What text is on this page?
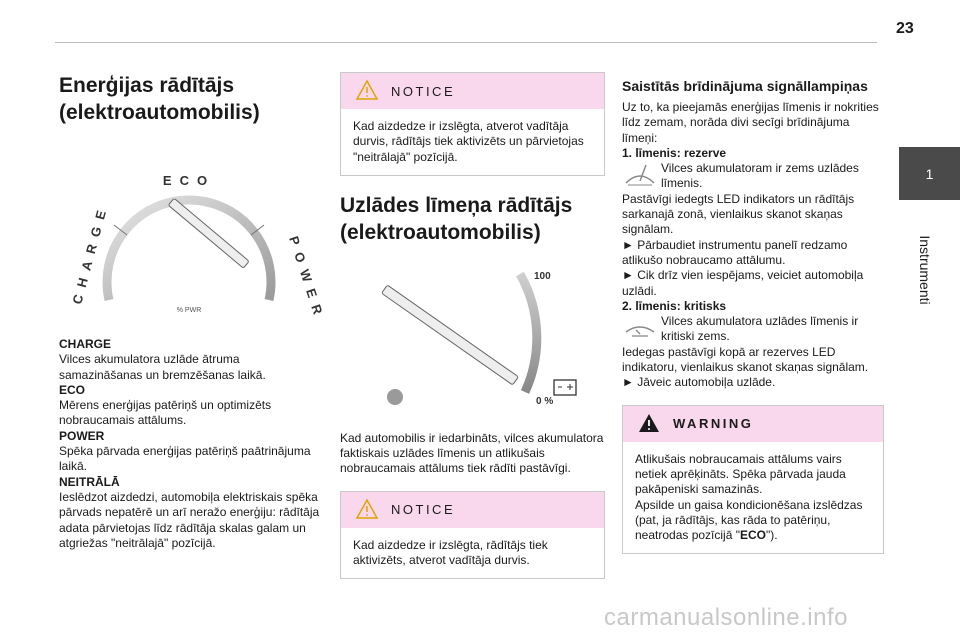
23
1
Instrumenti
Enerģijas rādītājs (elektroautomobilis)
ECO
CHARGE	POWER
% PWR
CHARGE
Vilces akumulatora uzlāde ātruma samazināšanas un bremzēšanas laikā.
ECO
Mērens enerģijas patēriņš un optimizēts nobraucamais attālums.
POWER
Spēka pārvada enerģijas patēriņš paātrinājuma laikā.
NEITRĀLĀ
Ieslēdzot aizdedzi, automobiļa elektriskais spēka pārvads nepatērē un arī neražo enerģiju: rādītāja adata pārvietojas līdz rādītāja skalas galam un atgriežas "neitrālajā" pozīcijā.
NOTICE
Kad aizdedze ir izslēgta, atverot vadītāja durvis, rādītājs tiek aktivizēts un pārvietojas "neitrālajā" pozīcijā.
Uzlādes līmeņa rādītājs (elektroautomobilis)
100
0 %
Kad automobilis ir iedarbināts, vilces akumulatora faktiskais uzlādes līmenis un atlikušais nobraucamais attālums tiek rādīti pastāvīgi.
NOTICE
Kad aizdedze ir izslēgta, rādītājs tiek aktivizēts, atverot vadītāja durvis.
Saistītās brīdinājuma signāllampiņas
Uz to, ka pieejamās enerģijas līmenis ir nokrities līdz zemam, norāda divi secīgi brīdinājuma līmeņi:
1. līmenis: rezerve
Vilces akumulatoram ir zems uzlādes līmenis.
Pastāvīgi iedegts LED indikators un rādītājs sarkanajā zonā, vienlaikus skanot skaņas signālam.
► Pārbaudiet instrumentu panelī redzamo atlikušo nobraucamo attālumu.
► Cik drīz vien iespējams, veiciet automobiļa uzlādi.
2. līmenis: kritisks
Vilces akumulatora uzlādes līmenis ir kritiski zems.
Iedegas pastāvīgi kopā ar rezerves LED indikatoru, vienlaikus skanot skaņas signālam.
► Jāveic automobiļa uzlāde.
WARNING
Atlikušais nobraucamais attālums vairs netiek aprēķināts. Spēka pārvada jauda pakāpeniski samazinās.
Apsilde un gaisa kondicionēšana izslēdzas (pat, ja rādītājs, kas rāda to patēriņu, neatrodas pozīcijā "ECO").
carmanualsonline.info
